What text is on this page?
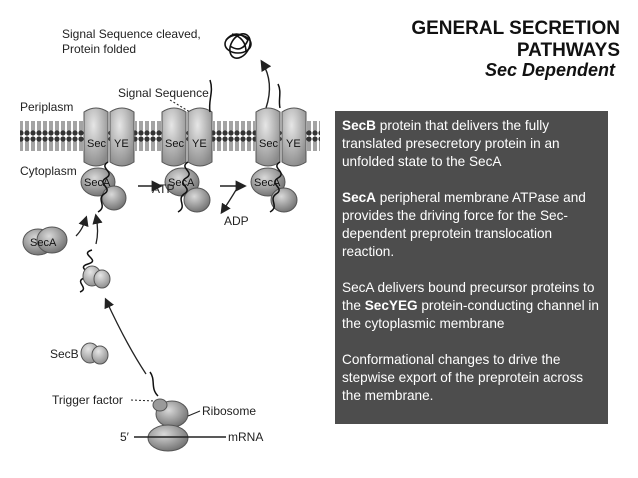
GENERAL SECRETION PATHWAYS
Sec Dependent

SecB protein that delivers the fully translated presecretory protein in an unfolded state to the SecA

SecA peripheral membrane ATPase and provides the driving force for the Sec-dependent preprotein translocation reaction.

SecA delivers bound precursor proteins to the SecYEG protein-conducting channel in the cytoplasmic membrane

Conformational changes to drive the stepwise export of the preprotein across the membrane.

Signal Sequence cleaved,
Protein folded
Signal Sequence
Periplasm
Cytoplasm
Sec YE	Sec YE	Sec YE
SecA	SecA	SecA
ATP
ADP
SecA
SecB
Trigger factor
Ribosome
5′	mRNA
